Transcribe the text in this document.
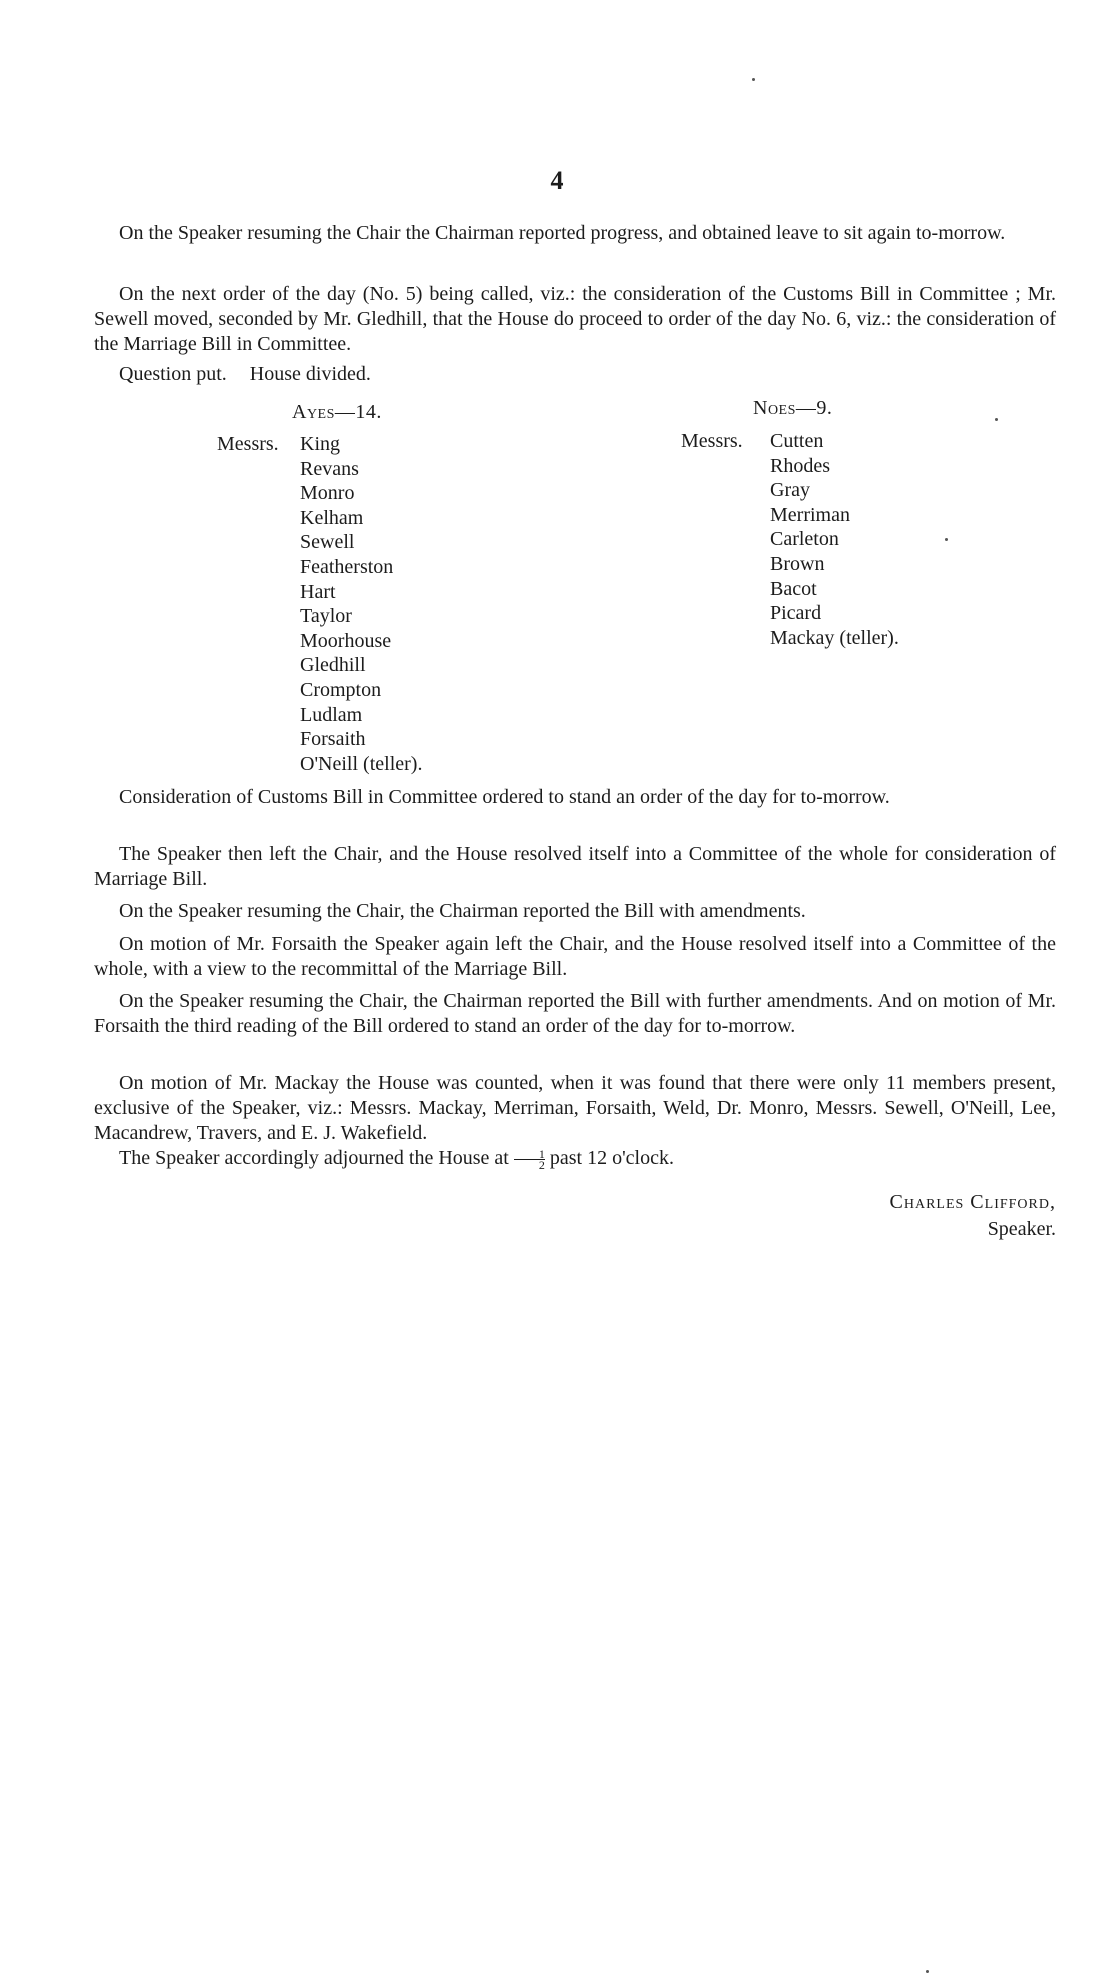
4

On the Speaker resuming the Chair the Chairman reported progress, and obtained leave to sit again to-morrow.

On the next order of the day (No. 5) being called, viz.: the consideration of the Customs Bill in Committee ; Mr. Sewell moved, seconded by Mr. Gledhill, that the House do proceed to order of the day No. 6, viz.: the consideration of the Marriage Bill in Committee.

Question put. House divided.
Ayes—14.
Messrs. King
Revans
Monro
Kelham
Sewell
Featherston
Hart
Taylor
Moorhouse
Gledhill
Crompton
Ludlam
Forsaith
O'Neill (teller).
Noes—9.
Messrs. Cutten
Rhodes
Gray
Merriman
Carleton
Brown
Bacot
Picard
Mackay (teller).

Consideration of Customs Bill in Committee ordered to stand an order of the day for to-morrow.

The Speaker then left the Chair, and the House resolved itself into a Committee of the whole for consideration of Marriage Bill.

On the Speaker resuming the Chair, the Chairman reported the Bill with amendments.

On motion of Mr. Forsaith the Speaker again left the Chair, and the House resolved itself into a Committee of the whole, with a view to the recommittal of the Marriage Bill.

On the Speaker resuming the Chair, the Chairman reported the Bill with further amendments. And on motion of Mr. Forsaith the third reading of the Bill ordered to stand an order of the day for to-morrow.

On motion of Mr. Mackay the House was counted, when it was found that there were only 11 members present, exclusive of the Speaker, viz.: Messrs. Mackay, Merriman, Forsaith, Weld, Dr. Monro, Messrs. Sewell, O'Neill, Lee, Macandrew, Travers, and E. J. Wakefield.

The Speaker accordingly adjourned the House at $\frac{1}{2}$ past 12 o'clock.

Charles Clifford,
Speaker.
